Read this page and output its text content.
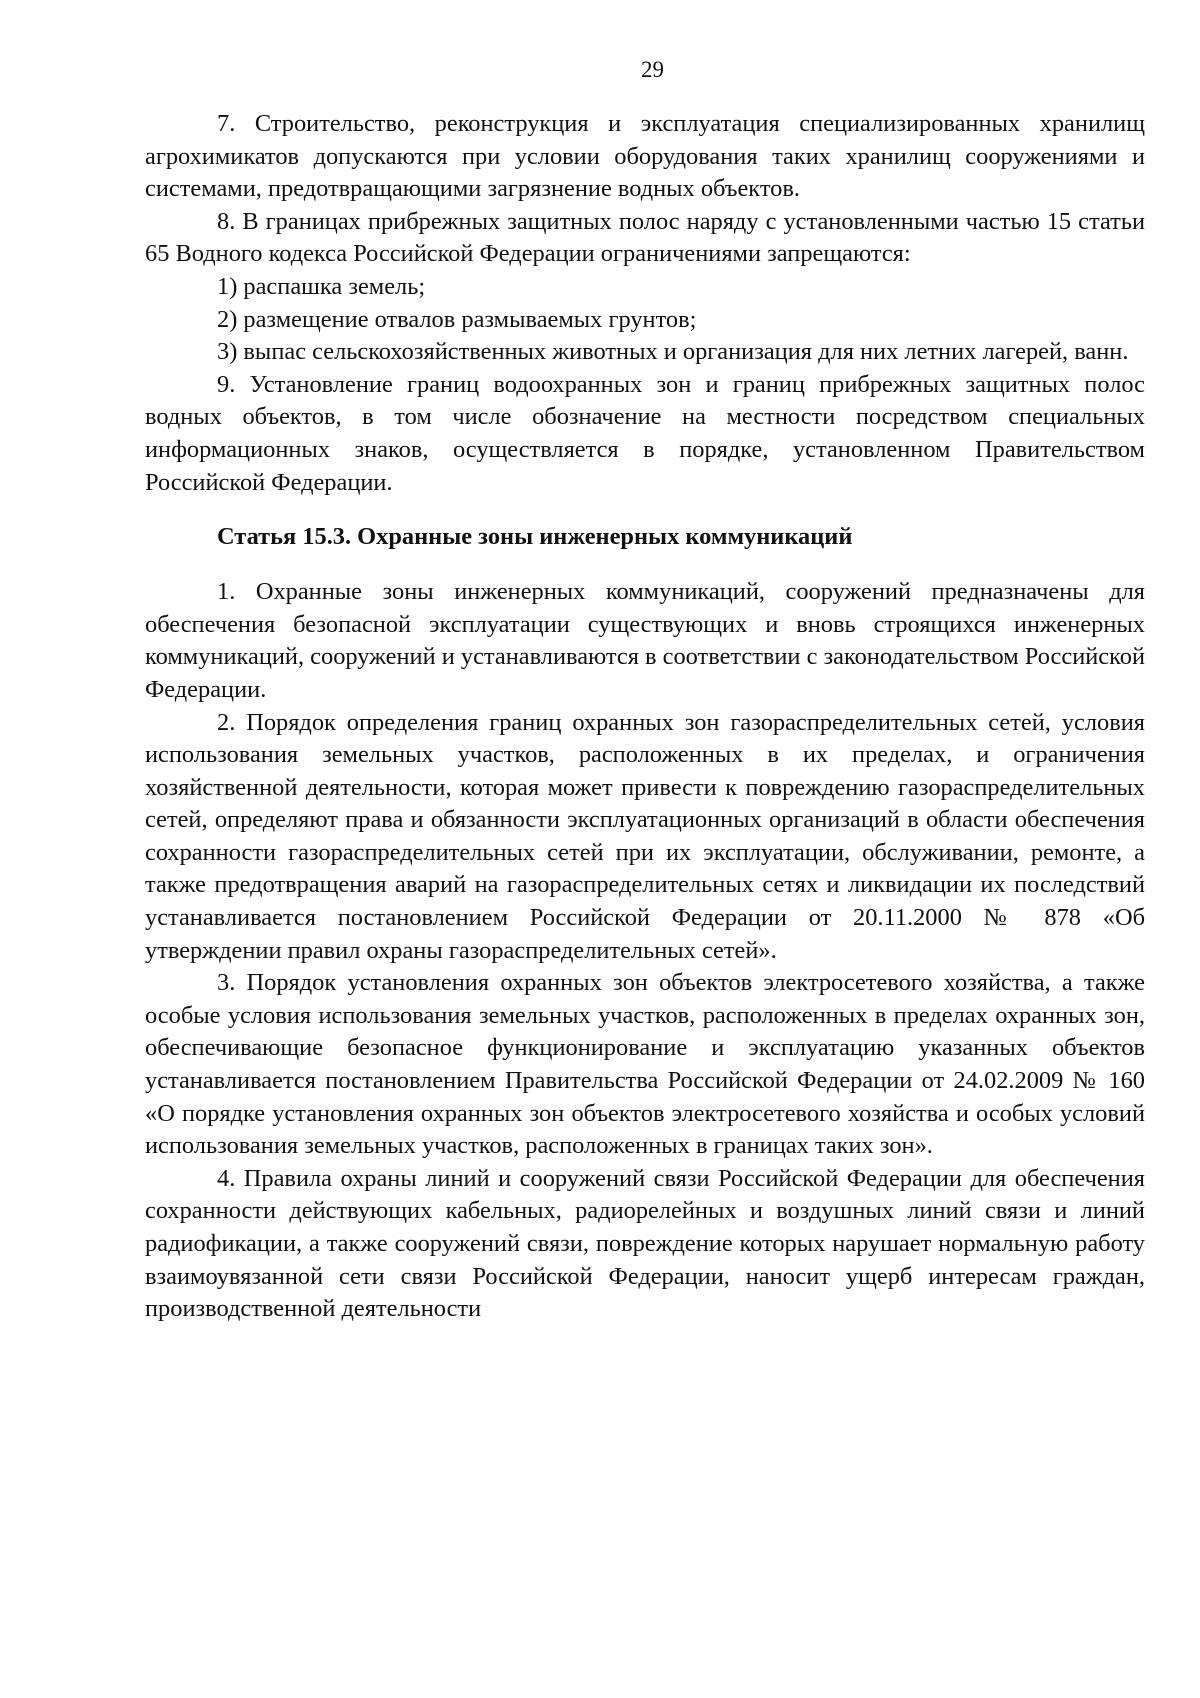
29

7. Строительство, реконструкция и эксплуатация специализированных хранилищ агрохимикатов допускаются при условии оборудования таких хранилищ сооружениями и системами, предотвращающими загрязнение водных объектов.

8. В границах прибрежных защитных полос наряду с установленными частью 15 статьи 65 Водного кодекса Российской Федерации ограничениями запрещаются:

1) распашка земель;

2) размещение отвалов размываемых грунтов;

3) выпас сельскохозяйственных животных и организация для них летних лагерей, ванн.

9. Установление границ водоохранных зон и границ прибрежных защитных полос водных объектов, в том числе обозначение на местности посредством специальных информационных знаков, осуществляется в порядке, установленном Правительством Российской Федерации.

Статья 15.3. Охранные зоны инженерных коммуникаций

1. Охранные зоны инженерных коммуникаций, сооружений предназначены для обеспечения безопасной эксплуатации существующих и вновь строящихся инженерных коммуникаций, сооружений и устанавливаются в соответствии с законодательством Российской Федерации.

2. Порядок определения границ охранных зон газораспределительных сетей, условия использования земельных участков, расположенных в их пределах, и ограничения хозяйственной деятельности, которая может привести к повреждению газораспределительных сетей, определяют права и обязанности эксплуатационных организаций в области обеспечения сохранности газораспределительных сетей при их эксплуатации, обслуживании, ремонте, а также предотвращения аварий на газораспределительных сетях и ликвидации их последствий устанавливается постановлением Российской Федерации от 20.11.2000 № 878 «Об утверждении правил охраны газораспределительных сетей».

3. Порядок установления охранных зон объектов электросетевого хозяйства, а также особые условия использования земельных участков, расположенных в пределах охранных зон, обеспечивающие безопасное функционирование и эксплуатацию указанных объектов устанавливается постановлением Правительства Российской Федерации от 24.02.2009 № 160 «О порядке установления охранных зон объектов электросетевого хозяйства и особых условий использования земельных участков, расположенных в границах таких зон».

4. Правила охраны линий и сооружений связи Российской Федерации для обеспечения сохранности действующих кабельных, радиорелейных и воздушных линий связи и линий радиофикации, а также сооружений связи, повреждение которых нарушает нормальную работу взаимоувязанной сети связи Российской Федерации, наносит ущерб интересам граждан, производственной деятельности
